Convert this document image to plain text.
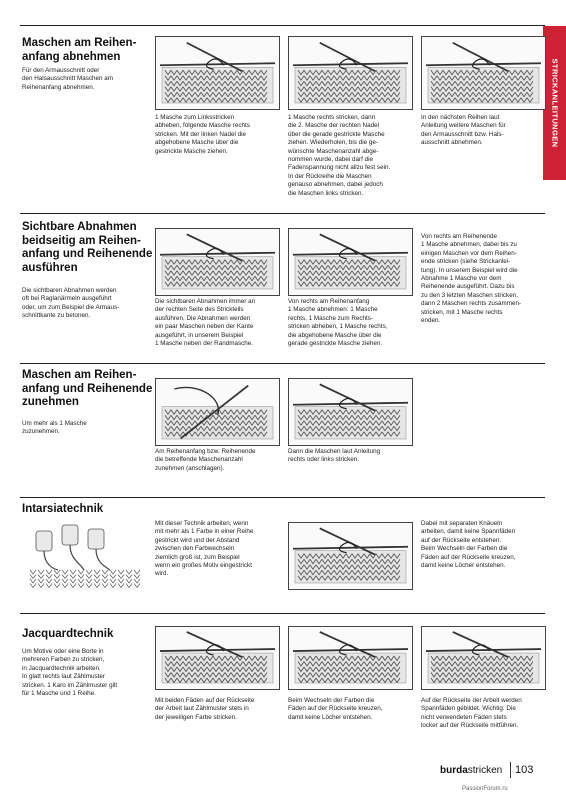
STRICKANLEITUNGEN

Maschen am Reihen-
anfang abnehmen

Für den Armausschnitt oder
den Halsausschnitt Maschen am
Reihenanfang abnehmen.

1 Masche zum Linksstricken
abheben, folgende Masche rechts
stricken. Mit der linken Nadel die
abgehobene Masche über die
gestrickte Masche ziehen.

1 Masche rechts stricken, dann
die 2. Masche der rechten Nadel
über die gerade gestrickte Masche
ziehen. Wiederholen, bis die ge-
wünschte Maschenanzahl abge-
nommen wurde, dabei darf die
Fadenspannung nicht allzu fest sein.
In der Rückreihe die Maschen
genauso abnehmen, dabei jedoch
die Maschen links stricken.

In den nächsten Reihen laut
Anleitung weitere Maschen für
den Armausschnitt bzw. Hals-
ausschnitt abnehmen.

Sichtbare Abnahmen
beidseitig am Reihen-
anfang und Reihenende
ausführen

Die sichtbaren Abnahmen werden
oft bei Raglanärmeln ausgeführt
oder, um zum Beispiel die Armaus-
schnittkante zu betonen.

Die sichtbaren Abnahmen immer an
der rechten Seite des Strickteils
ausführen. Die Abnahmen werden
ein paar Maschen neben der Kante
ausgeführt, in unserem Beispiel
1 Masche neben der Randmasche.

Von rechts am Reihenanfang
1 Masche abnehmen: 1 Masche
rechts, 1 Masche zum Rechts-
stricken abheben, 1 Masche rechts,
die abgehobene Masche über die
gerade gestrickte Masche ziehen.

Von rechts am Reihenende
1 Masche abnehmen, dabei bis zu
einigen Maschen vor dem Reihen-
ende stricken (siehe Strickanlei-
tung). In unserem Beispiel wird die
Abnahme 1 Masche vor dem
Reihenende ausgeführt. Dazu bis
zu den 3 letzten Maschen stricken,
dann 2 Maschen rechts zusammen-
stricken, mit 1 Masche rechts
enden.

Maschen am Reihen-
anfang und Reihenende
zunehmen

Um mehr als 1 Masche
zuzunehmen.

Am Reihenanfang bzw. Reihenende
die betreffende Maschenanzahl
zunehmen (anschlagen).

Dann die Maschen laut Anleitung
rechts oder links stricken.

Intarsiatechnik

Mit dieser Technik arbeiten, wenn
mit mehr als 1 Farbe in einer Reihe
gestrickt wird und der Abstand
zwischen den Farbwechseln
ziemlich groß ist, zum Beispiel
wenn ein großes Motiv eingestrickt
wird.

Dabei mit separaten Knäueln
arbeiten, damit keine Spannfäden
auf der Rückseite entstehen.
Beim Wechseln der Farben die
Fäden auf der Rückseite kreuzen,
damit keine Löcher entstehen.

Jacquardtechnik

Um Motive oder eine Borte in
mehreren Farben zu stricken,
in Jacquardtechnik arbeiten.
In glatt rechts laut Zählmuster
stricken. 1 Karo im Zählmuster gilt
für 1 Masche und 1 Reihe.

Mit beiden Fäden auf der Rückseite
der Arbeit laut Zählmuster stets in
der jeweiligen Farbe stricken.

Beim Wechseln der Farben die
Fäden auf der Rückseite kreuzen,
damit keine Löcher entstehen.

Auf der Rückseite der Arbeit werden
Spannfäden gebildet. Wichtig: Die
nicht verwendeten Fäden stets
locker auf der Rückseite mitführen.

burdastricken 103
PassionForum.ru
